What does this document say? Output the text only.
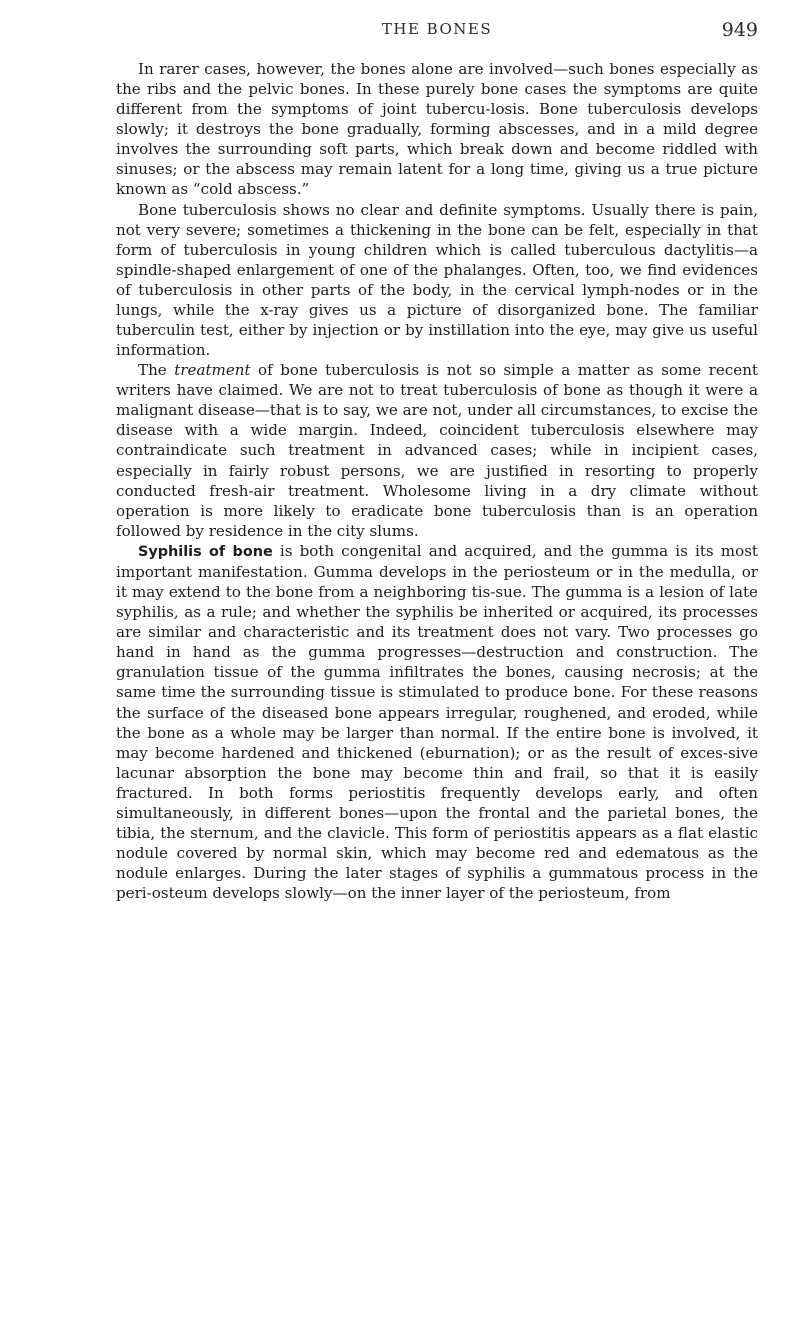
THE BONES	949

In rarer cases, however, the bones alone are involved—such bones especially as the ribs and the pelvic bones. In these purely bone cases the symptoms are quite different from the symptoms of joint tubercu-losis. Bone tuberculosis develops slowly; it destroys the bone gradually, forming abscesses, and in a mild degree involves the surrounding soft parts, which break down and become riddled with sinuses; or the abscess may remain latent for a long time, giving us a true picture known as “cold abscess.”

Bone tuberculosis shows no clear and definite symptoms. Usually there is pain, not very severe; sometimes a thickening in the bone can be felt, especially in that form of tuberculosis in young children which is called tuberculous dactylitis—a spindle-shaped enlargement of one of the phalanges. Often, too, we find evidences of tuberculosis in other parts of the body, in the cervical lymph-nodes or in the lungs, while the x-ray gives us a picture of disorganized bone. The familiar tuberculin test, either by injection or by instillation into the eye, may give us useful information.

The treatment of bone tuberculosis is not so simple a matter as some recent writers have claimed. We are not to treat tuberculosis of bone as though it were a malignant disease—that is to say, we are not, under all circumstances, to excise the disease with a wide margin. Indeed, coincident tuberculosis elsewhere may contraindicate such treatment in advanced cases; while in incipient cases, especially in fairly robust persons, we are justified in resorting to properly conducted fresh-air treatment. Wholesome living in a dry climate without operation is more likely to eradicate bone tuberculosis than is an operation followed by residence in the city slums.

Syphilis of bone is both congenital and acquired, and the gumma is its most important manifestation. Gumma develops in the periosteum or in the medulla, or it may extend to the bone from a neighboring tis-sue. The gumma is a lesion of late syphilis, as a rule; and whether the syphilis be inherited or acquired, its processes are similar and characteristic and its treatment does not vary. Two processes go hand in hand as the gumma progresses—destruction and construction. The granulation tissue of the gumma infiltrates the bones, causing necrosis; at the same time the surrounding tissue is stimulated to produce bone. For these reasons the surface of the diseased bone appears irregular, roughened, and eroded, while the bone as a whole may be larger than normal. If the entire bone is involved, it may become hardened and thickened (eburnation); or as the result of exces-sive lacunar absorption the bone may become thin and frail, so that it is easily fractured. In both forms periostitis frequently develops early, and often simultaneously, in different bones—upon the frontal and the parietal bones, the tibia, the sternum, and the clavicle. This form of periostitis appears as a flat elastic nodule covered by normal skin, which may become red and edematous as the nodule enlarges. During the later stages of syphilis a gummatous process in the peri-osteum develops slowly—on the inner layer of the periosteum, from
